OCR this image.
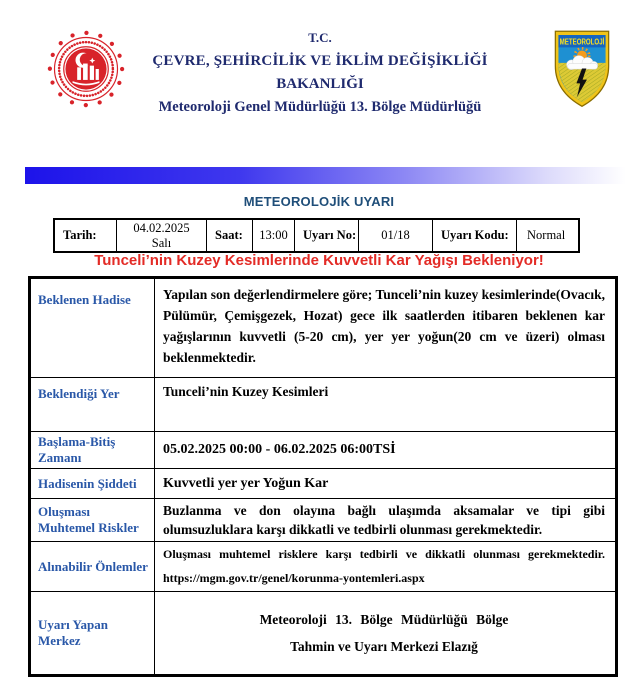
T.C.
ÇEVRE, ŞEHİRCİLİK VE İKLİM DEĞİŞİKLİĞİ
BAKANLIĞI
Meteoroloji Genel Müdürlüğü 13. Bölge Müdürlüğü
METEOROLOJİ
METEOROLOJİK UYARI
Tarih:	04.02.2025
Salı
Saat:	13:00	Uyarı No:	01/18	Uyarı Kodu:	Normal
Tunceli’nin Kuzey Kesimlerinde Kuvvetli Kar Yağışı Bekleniyor!
Beklenen Hadise	Yapılan son değerlendirmelere göre; Tunceli’nin kuzey kesimlerinde(Ovacık, Pülümür, Çemişgezek, Hozat) gece ilk saatlerden itibaren beklenen kar yağışlarının kuvvetli (5-20 cm), yer yer yoğun(20 cm ve üzeri) olması beklenmektedir.
Beklendiği Yer	Tunceli’nin Kuzey Kesimleri
Başlama-Bitiş Zamanı	05.02.2025 00:00 - 06.02.2025 06:00TSİ
Hadisenin Şiddeti	Kuvvetli yer yer Yoğun Kar
Oluşması Muhtemel Riskler	Buzlanma ve don olayına bağlı ulaşımda aksamalar ve tipi gibi olumsuzluklara karşı dikkatli ve tedbirli olunması gerekmektedir.
Alınabilir Önlemler	Oluşması muhtemel risklere karşı tedbirli ve dikkatli olunması gerekmektedir.
https://mgm.gov.tr/genel/korunma-yontemleri.aspx

Uyarı Yapan Merkez	Meteoroloji 13. Bölge Müdürlüğü Bölge
Tahmin ve Uyarı Merkezi Elazığ
